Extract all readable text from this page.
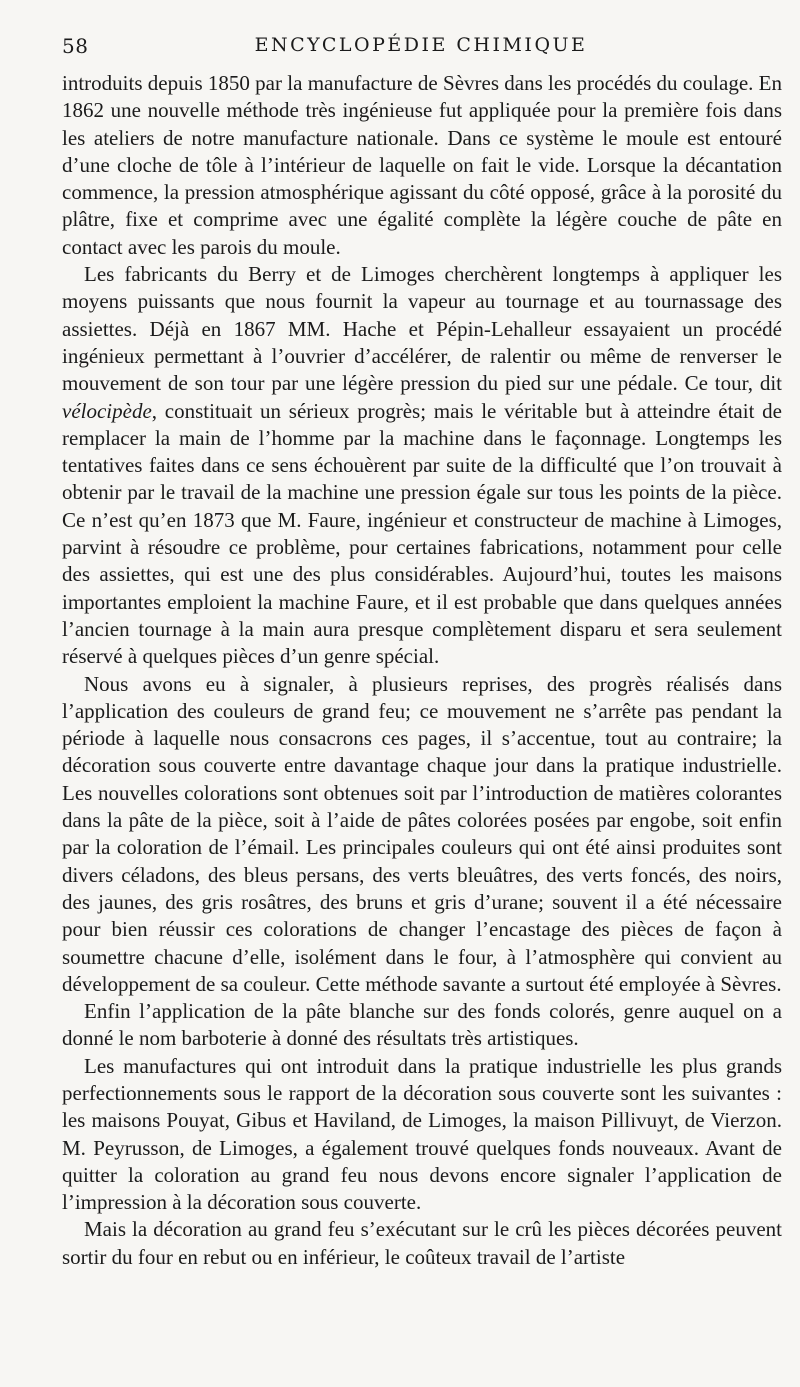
58	ENCYCLOPÉDIE CHIMIQUE

introduits depuis 1850 par la manufacture de Sèvres dans les procédés du coulage. En 1862 une nouvelle méthode très ingénieuse fut appliquée pour la première fois dans les ateliers de notre manufacture nationale. Dans ce système le moule est entouré d’une cloche de tôle à l’intérieur de laquelle on fait le vide. Lorsque la décantation commence, la pression atmosphérique agissant du côté opposé, grâce à la porosité du plâtre, fixe et comprime avec une égalité complète la légère couche de pâte en contact avec les parois du moule.

Les fabricants du Berry et de Limoges cherchèrent longtemps à appliquer les moyens puissants que nous fournit la vapeur au tournage et au tournassage des assiettes. Déjà en 1867 MM. Hache et Pépin-Lehalleur essayaient un procédé ingénieux permettant à l’ouvrier d’accélérer, de ralentir ou même de renverser le mouvement de son tour par une légère pression du pied sur une pédale. Ce tour, dit vélocipède, constituait un sérieux progrès; mais le véritable but à atteindre était de remplacer la main de l’homme par la machine dans le façonnage. Longtemps les tentatives faites dans ce sens échouèrent par suite de la difficulté que l’on trouvait à obtenir par le travail de la machine une pression égale sur tous les points de la pièce. Ce n’est qu’en 1873 que M. Faure, ingénieur et constructeur de machine à Limoges, parvint à résoudre ce problème, pour certaines fabrications, notamment pour celle des assiettes, qui est une des plus considérables. Aujourd’hui, toutes les maisons importantes emploient la machine Faure, et il est probable que dans quelques années l’ancien tournage à la main aura presque complètement disparu et sera seulement réservé à quelques pièces d’un genre spécial.

Nous avons eu à signaler, à plusieurs reprises, des progrès réalisés dans l’application des couleurs de grand feu; ce mouvement ne s’arrête pas pendant la période à laquelle nous consacrons ces pages, il s’accentue, tout au contraire; la décoration sous couverte entre davantage chaque jour dans la pratique industrielle. Les nouvelles colorations sont obtenues soit par l’introduction de matières colorantes dans la pâte de la pièce, soit à l’aide de pâtes colorées posées par engobe, soit enfin par la coloration de l’émail. Les principales couleurs qui ont été ainsi produites sont divers céladons, des bleus persans, des verts bleuâtres, des verts foncés, des noirs, des jaunes, des gris rosâtres, des bruns et gris d’urane; souvent il a été nécessaire pour bien réussir ces colorations de changer l’encastage des pièces de façon à soumettre chacune d’elle, isolément dans le four, à l’atmosphère qui convient au développement de sa couleur. Cette méthode savante a surtout été employée à Sèvres.

Enfin l’application de la pâte blanche sur des fonds colorés, genre auquel on a donné le nom barboterie à donné des résultats très artistiques.

Les manufactures qui ont introduit dans la pratique industrielle les plus grands perfectionnements sous le rapport de la décoration sous couverte sont les suivantes : les maisons Pouyat, Gibus et Haviland, de Limoges, la maison Pillivuyt, de Vierzon. M. Peyrusson, de Limoges, a également trouvé quelques fonds nouveaux. Avant de quitter la coloration au grand feu nous devons encore signaler l’application de l’impression à la décoration sous couverte.

Mais la décoration au grand feu s’exécutant sur le crû les pièces décorées peuvent sortir du four en rebut ou en inférieur, le coûteux travail de l’artiste
